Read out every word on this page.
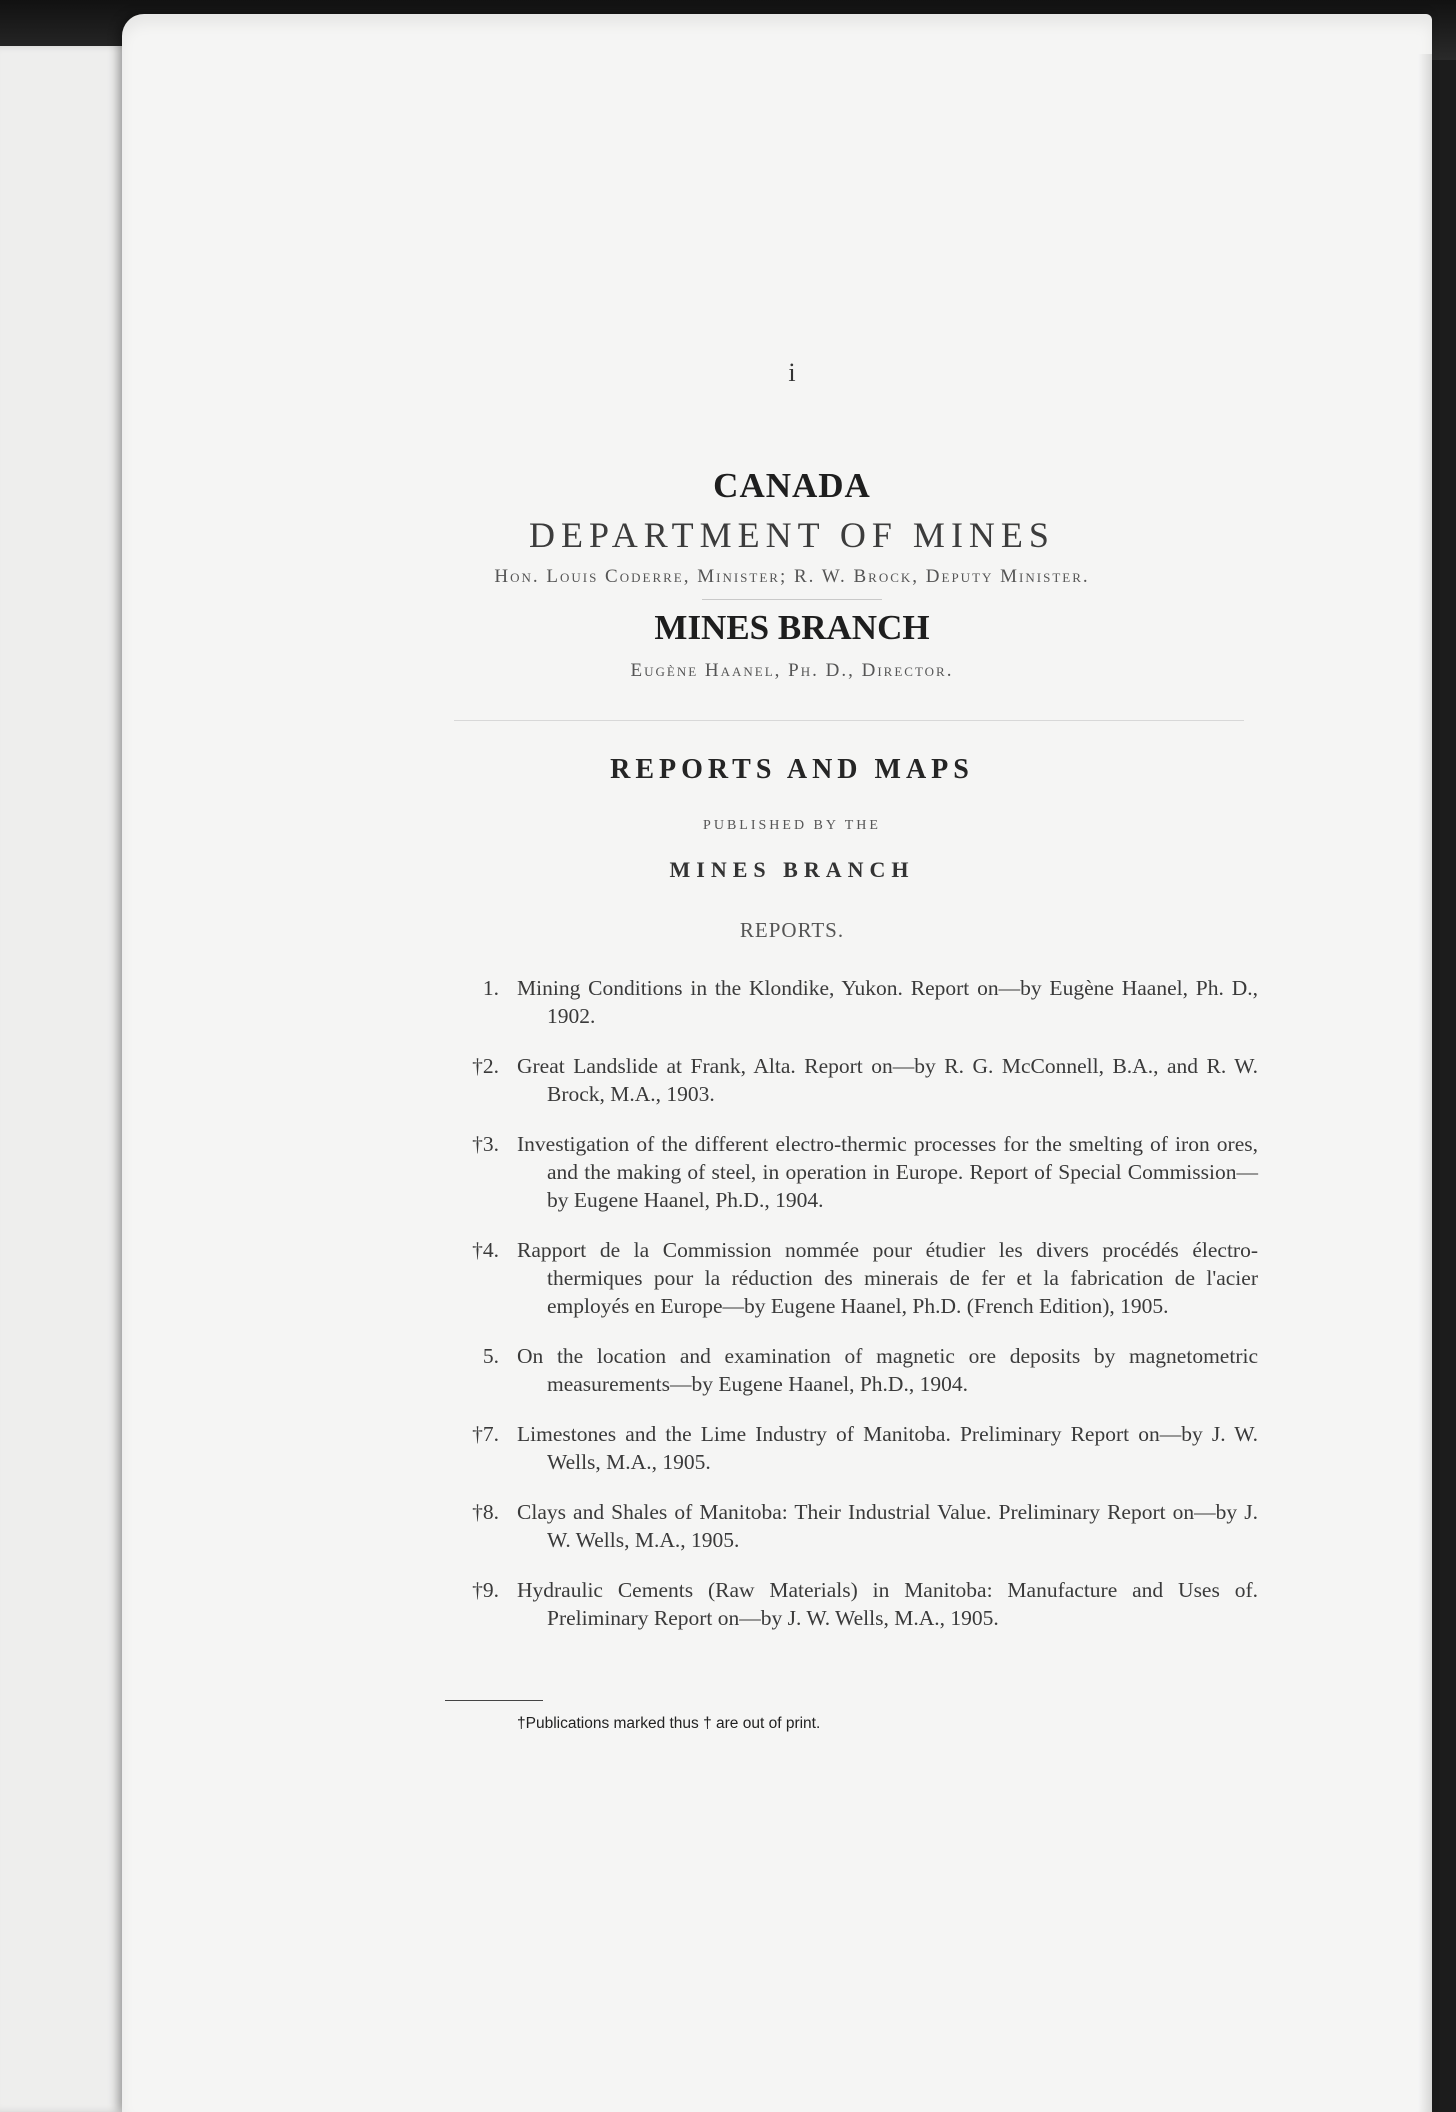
i
CANADA
DEPARTMENT OF MINES
Hon. Louis Coderre, Minister; R. W. Brock, Deputy Minister.
MINES BRANCH
Eugène Haanel, Ph. D., Director.
REPORTS AND MAPS
PUBLISHED BY THE
MINES BRANCH
REPORTS.
1. Mining Conditions in the Klondike, Yukon. Report on—by Eugène Haanel, Ph. D., 1902.
†2. Great Landslide at Frank, Alta. Report on—by R. G. McConnell, B.A., and R. W. Brock, M.A., 1903.
†3. Investigation of the different electro-thermic processes for the smelting of iron ores, and the making of steel, in operation in Europe. Report of Special Commission—by Eugene Haanel, Ph.D., 1904.
†4. Rapport de la Commission nommée pour étudier les divers procédés électro-thermiques pour la réduction des minerais de fer et la fabrication de l'acier employés en Europe—by Eugene Haanel, Ph.D. (French Edition), 1905.
5. On the location and examination of magnetic ore deposits by magnetometric measurements—by Eugene Haanel, Ph.D., 1904.
†7. Limestones and the Lime Industry of Manitoba. Preliminary Report on—by J. W. Wells, M.A., 1905.
†8. Clays and Shales of Manitoba: Their Industrial Value. Preliminary Report on—by J. W. Wells, M.A., 1905.
†9. Hydraulic Cements (Raw Materials) in Manitoba: Manufacture and Uses of. Preliminary Report on—by J. W. Wells, M.A., 1905.
†Publications marked thus † are out of print.
